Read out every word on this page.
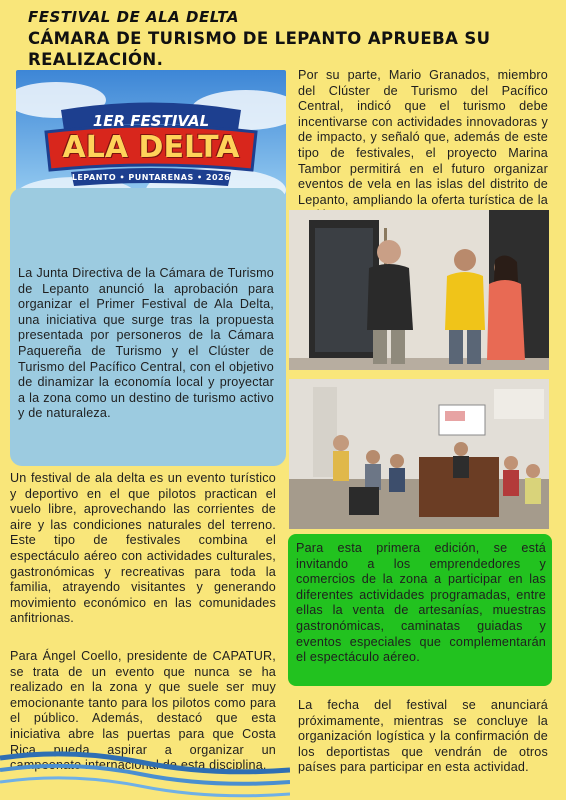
FESTIVAL DE ALA DELTA
CÁMARA DE TURISMO DE LEPANTO APRUEBA SU REALIZACIÓN.
1ER FESTIVAL
ALA DELTA
LEPANTO • PUNTARENAS • 2026

La Junta Directiva de la Cámara de Turismo de Lepanto anunció la aprobación para organizar el Primer Festival de Ala Delta, una iniciativa que surge tras la propuesta presentada por personeros de la Cámara Paquereña de Turismo y el Clúster de Turismo del Pacífico Central, con el objetivo de dinamizar la economía local y proyectar a la zona como un destino de turismo activo y de naturaleza.

Un festival de ala delta es un evento turístico y deportivo en el que pilotos practican el vuelo libre, aprovechando las corrientes de aire y las condiciones naturales del terreno. Este tipo de festivales combina el espectáculo aéreo con actividades culturales, gastronómicas y recreativas para toda la familia, atrayendo visitantes y generando movimiento económico en las comunidades anfitrionas.

Para Ángel Coello, presidente de CAPATUR, se trata de un evento que nunca se ha realizado en la zona y que suele ser muy emocionante tanto para los pilotos como para el público. Además, destacó que esta iniciativa abre las puertas para que Costa Rica pueda aspirar a organizar un campeonato internacional de esta disciplina.

Por su parte, Mario Granados, miembro del Clúster de Turismo del Pacífico Central, indicó que el turismo debe incentivarse con actividades innovadoras y de impacto, y señaló que, además de este tipo de festivales, el proyecto Marina Tambor permitirá en el futuro organizar eventos de vela en las islas del distrito de Lepanto, ampliando la oferta turística de la

Para esta primera edición, se está invitando a los emprendedores y comercios de la zona a participar en las diferentes actividades programadas, entre ellas la venta de artesanías, muestras gastronómicas, caminatas guiadas y eventos especiales que complementarán el espectáculo aéreo.

La fecha del festival se anunciará próximamente, mientras se concluye la organización logística y la confirmación de los deportistas que vendrán de otros países para participar en esta actividad.
